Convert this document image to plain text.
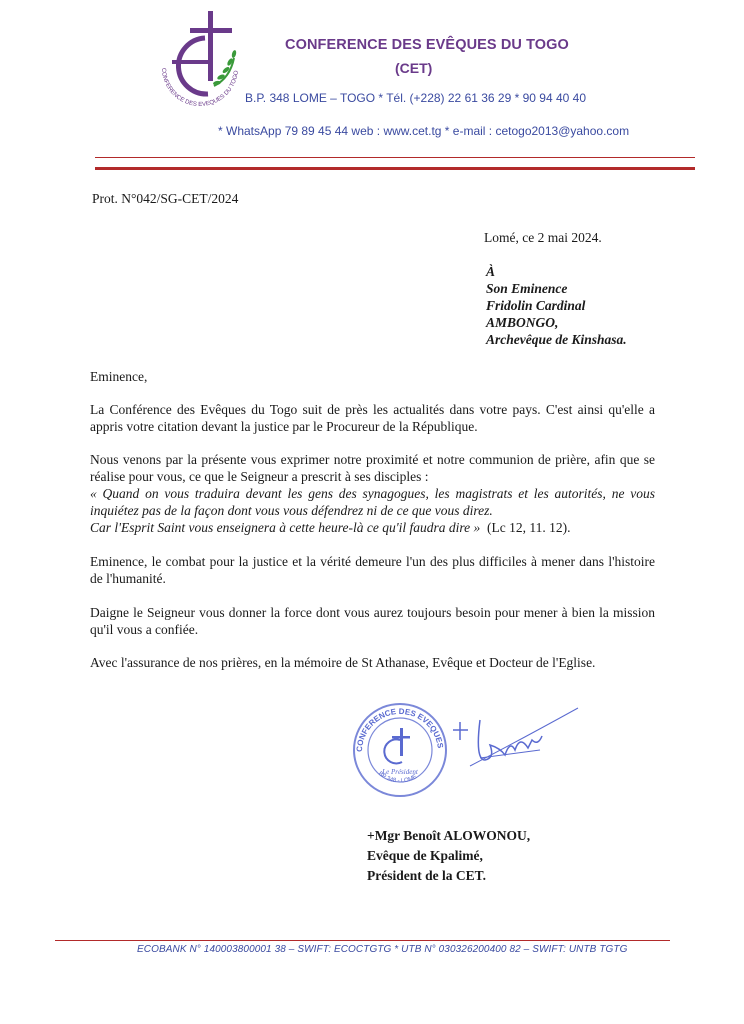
CONFERENCE DES EVEQUES DU TOGO
CONFERENCE DES EVÊQUES DU TOGO
(CET)
B.P. 348 LOME – TOGO * Tél. (+228) 22 61 36 29 * 90 94 40 40
* WhatsApp 79 89 45 44 web : www.cet.tg * e-mail : cetogo2013@yahoo.com
Prot. N°042/SG-CET/2024
Lomé, ce 2 mai 2024.
À
Son Eminence
Fridolin Cardinal
AMBONGO,
Archevêque de Kinshasa.
Eminence,
La Conférence des Evêques du Togo suit de près les actualités dans votre pays. C'est ainsi qu'elle a appris votre citation devant la justice par le Procureur de la République.
Nous venons par la présente vous exprimer notre proximité et notre communion de prière, afin que se réalise pour vous, ce que le Seigneur a prescrit à ses disciples :
« Quand on vous traduira devant les gens des synagogues, les magistrats et les autorités, ne vous inquiétez pas de la façon dont vous vous défendrez ni de ce que vous direz.
Car l'Esprit Saint vous enseignera à cette heure-là ce qu'il faudra dire » (Lc 12, 11. 12).
Eminence, le combat pour la justice et la vérité demeure l'un des plus difficiles à mener dans l'histoire de l'humanité.
Daigne le Seigneur vous donner la force dont vous aurez toujours besoin pour mener à bien la mission qu'il vous a confiée.
Avec l'assurance de nos prières, en la mémoire de St Athanase, Evêque et Docteur de l'Eglise.
CONFERENCE DES EVEQUES
BP 348 - LOMÉ
Le Président
+Mgr Benoît ALOWONOU,
Evêque de Kpalimé,
Président de la CET.
ECOBANK N° 140003800001 38 – SWIFT: ECOCTGTG * UTB N° 030326200400 82 – SWIFT: UNTB TGTG
